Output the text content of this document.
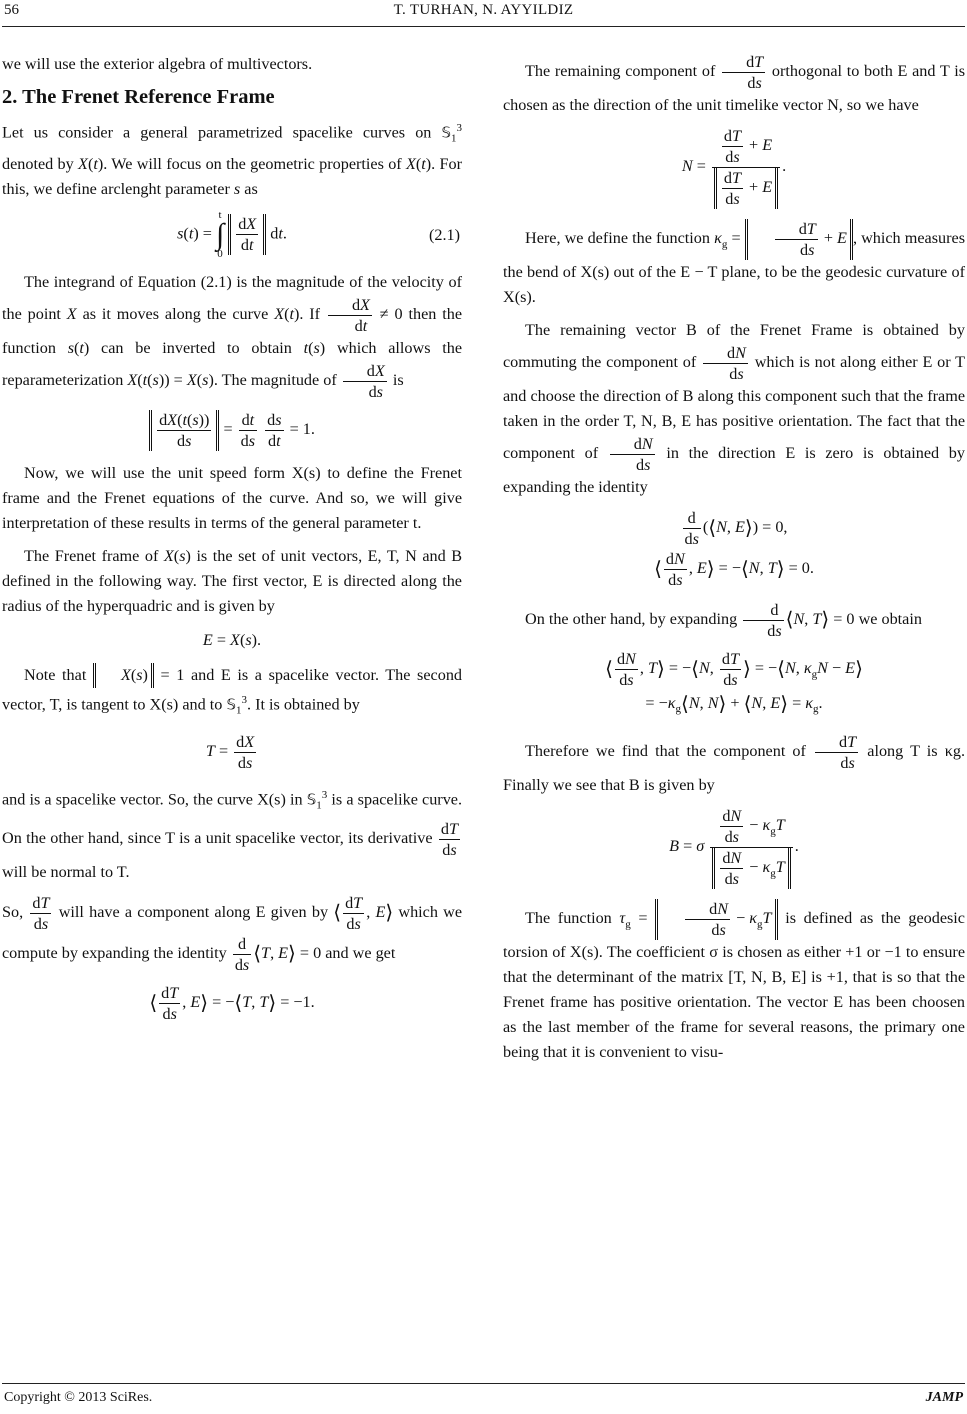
56	T. TURHAN, N. AYYILDIZ

we will use the exterior algebra of multivectors.

2. The Frenet Reference Frame

Let us consider a general parametrized spacelike curves on 𝕊$_1^3$ denoted by X(t). We will focus on the geometric properties of X(t). For this, we define arclenght parameter s as

s(t) = t
∫
$0 \frac{dX}{dt}$ dt.	(2.1)

The integrand of Equation (2.1) is the magnitude of the velocity of the point X as it moves along the curve X(t). If $\frac{dX}{dt} \ne 0$ then the function s(t) can be inverted to obtain t(s) which allows the reparameterization X(t(s)) = X(s). The magnitude of $\frac{dX}{ds}$ is

$\frac{dX(t(s))}{ds} = \frac{dt}{ds}$
$\frac{ds}{dt} = 1$.

Now, we will use the unit speed form X(s) to define the Frenet frame and the Frenet equations of the curve. And so, we will give interpretation of these results in terms of the general parameter t.

The Frenet frame of X(s) is the set of unit vectors, E, T, N and B defined in the following way. The first vector, E is directed along the radius of the hyperquadric and is given by

E = X(s).

Note that X(s) = 1 and E is a spacelike vector. The second vector, T, is tangent to X(s) and to 𝕊$_1^3$. It is obtained by

$T = \frac{dX}{ds}$

and is a spacelike vector. So, the curve X(s) in 𝕊$_1^3$ is a spacelike curve. On the other hand, since T is a unit spacelike vector, its derivative $\frac{dT}{ds}$
will be normal to T.

So, $\frac{dT}{ds}$ will have a component along E given by ⟨ $\frac{dT}{ds}$ , E⟩ which we compute by expanding the identity $\frac{d}{ds}$ ⟨T, E⟩ = 0 and we get

⟨ $\frac{dT}{ds}$ , E⟩ = −⟨T, T⟩ = −1.

The remaining component of $\frac{dT}{ds}$ orthogonal to both E and T is chosen as the direction of the unit timelike vector N, so we have

$N = \frac{dT}{ds} + E$
$\frac{dT}{ds} + E$
.

Here, we define the function $\kappa_g = \frac{dT}{ds} + E$ , which measures the bend of X(s) out of the E − T plane, to be the geodesic curvature of X(s).

The remaining vector B of the Frenet Frame is obtained by commuting the component of $\frac{dN}{ds}$ which is not along either E or T and choose the direction of B along this component such that the frame taken in the order T, N, B, E has positive orientation. The fact that the component of $\frac{dN}{ds}$ in the direction E is zero is obtained by expanding the identity

$\frac{d}{ds}$ (⟨N, E⟩) = 0,
⟨ $\frac{dN}{ds}$ , E⟩ = −⟨N, T⟩ = 0.

On the other hand, by expanding $\frac{d}{ds}$ ⟨N, T⟩ = 0 we obtain

⟨ $\frac{dN}{ds}$ , T⟩ = −⟨N, $\frac{dT}{ds}$ ⟩ = −⟨N, $\kappa_gN$ − E⟩
= $-\kappa_g⟨N$, N⟩ + ⟨N, E⟩ = $\kappa_g$.

Therefore we find that the component of $\frac{dT}{ds}$ along T is κg. Finally we see that B is given by

B = σ $\frac{dN}{ds} - \kappa_gT$
$\frac{dN}{ds} - \kappa_gT$
.

The function $\tau_g = \frac{dN}{ds} - \kappa_gT$ is defined as the geodesic torsion of X(s). The coefficient σ is chosen as either +1 or −1 to ensure that the determinant of the matrix [T, N, B, E] is +1, that is so that the Frenet frame has positive orientation. The vector E has been choosen as the last member of the frame for several reasons, the primary one being that it is convenient to visu-

Copyright © 2013 SciRes.	JAMP
